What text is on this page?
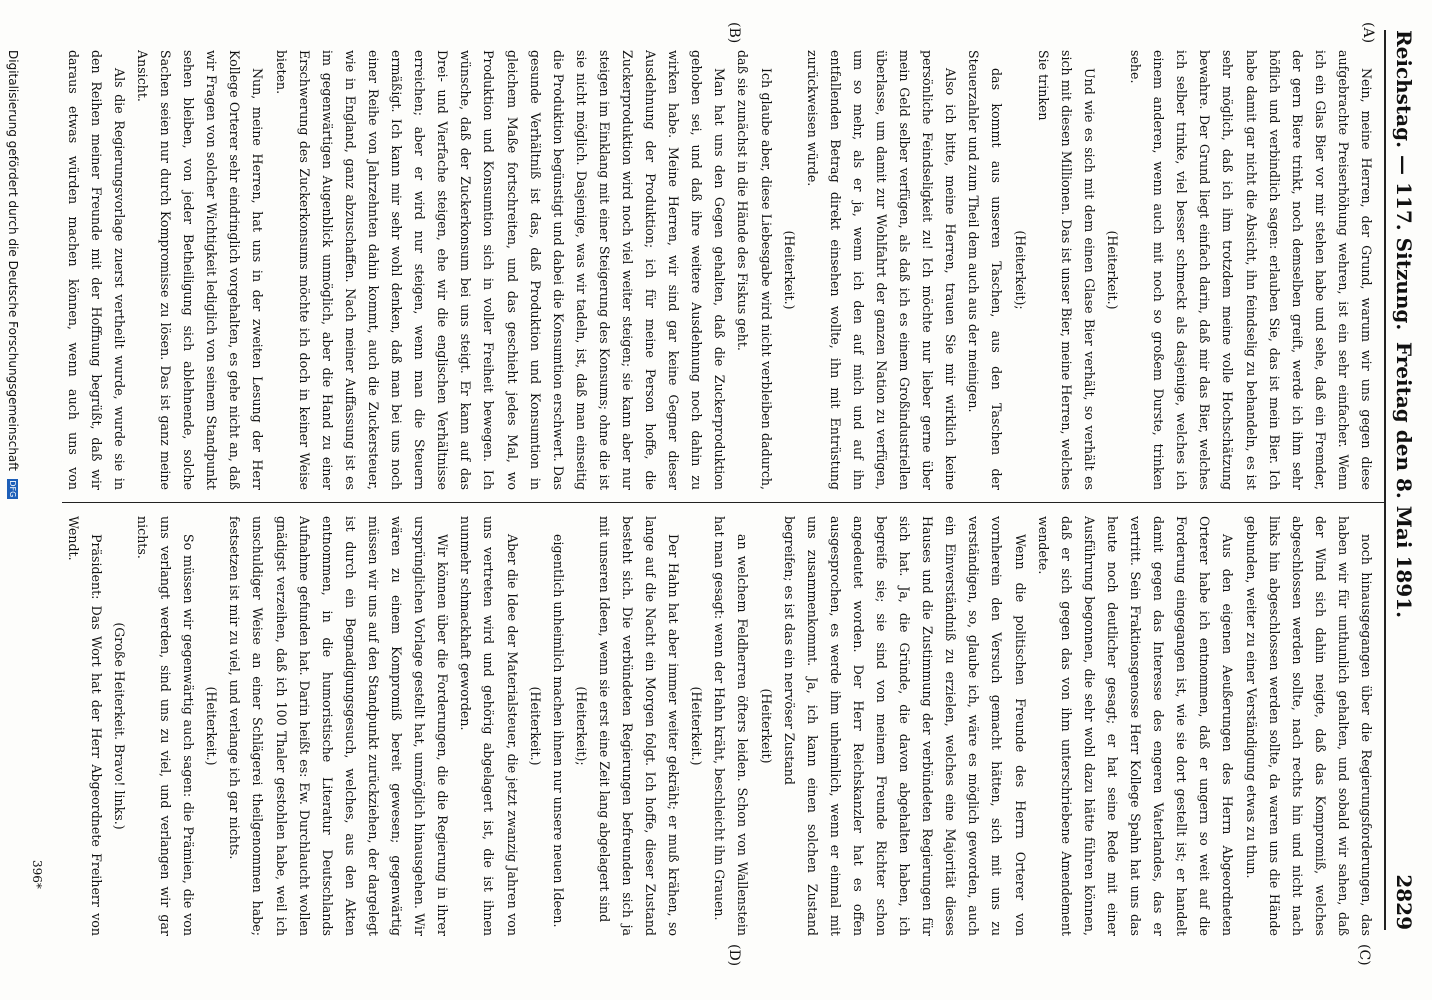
Reichstag. — 117. Sitzung.
Freitag den 8. Mai 1891.
2829
(A)
(B)
(C)
(D)

Nein, meine Herren, der Grund, warum wir uns gegen diese aufgebrachte Preiserhöhung wehren, ist ein sehr einfacher. Wenn ich ein Glas Bier vor mir stehen habe und sehe, daß ein Fremder, der gern Biere trinkt, noch demselben greift, werde ich ihm sehr höflich und verbindlich sagen: erlauben Sie, das ist mein Bier. Ich habe damit gar nicht die Absicht, ihn feindselig zu behandeln, es ist sehr möglich, daß ich ihm trotzdem meine volle Hochschätzung bewahre. Der Grund liegt einfach darin, daß mir das Bier, welches ich selber trinke, viel besser schmeckt als dasjenige, welches ich einem anderen, wenn auch mit noch so großem Durste, trinken sehe.

(Heiterkeit.)

Und wie es sich mit dem einen Glase Bier verhält, so verhält es sich mit diesen Millionen. Das ist unser Bier, meine Herren, welches Sie trinken

(Heiterkeit);

das kommt aus unseren Taschen, aus den Taschen der Steuerzahler und zum Theil dem auch aus der meinigen.

Also ich bitte, meine Herren, trauen Sie mir wirklich keine persönliche Feindseligkeit zu! Ich möchte nur lieber gerne über mein Geld selber verfügen, als daß ich es einem Großindustriellen überlasse, um damit zur Wohlfahrt der ganzen Nation zu verfügen, um so mehr, als er ja, wenn ich den auf mich und auf ihn entfallenden Betrag direkt einsehen wollte, ihn mit Entrüstung zurückweisen würde.

(Heiterkeit.)

Ich glaube aber, diese Liebesgabe wird nicht verbleiben dadurch, daß sie zunächst in die Hände des Fiskus geht.

Man hat uns den Gegen gehalten, daß die Zuckerproduktion gehoben sei, und daß ihre weitere Ausdehnung noch dahin zu wirken habe. Meine Herren, wir sind gar keine Gegner dieser Ausdehnung der Produktion; ich für meine Person hoffe, die Zuckerproduktion wird noch viel weiter steigen; sie kann aber nur steigen im Einklang mit einer Steigerung des Konsums; ohne die ist sie nicht möglich. Dasjenige, was wir tadeln, ist, daß man einseitig die Produktion begünstigt und dabei die Konsumtion erschwert. Das gesunde Verhältniß ist das, daß Produktion und Konsumtion in gleichem Maße fortschreiten, und das geschieht jedes Mal, wo Produktion und Konsumtion sich in voller Freiheit bewegen. Ich wünsche, daß der Zuckerkonsum bei uns steigt. Er kann auf das Drei- und Vierfache steigen, ehe wir die englischen Verhältnisse erreichen; aber er wird nur steigen, wenn man die Steuern ermäßigt. Ich kann mir sehr wohl denken, daß man bei uns noch einer Reihe von Jahrzehnten dahin kommt, auch die Zuckersteuer, wie in England, ganz abzuschaffen. Nach meiner Auffassung ist es im gegenwärtigen Augenblick unmöglich, aber die Hand zu einer Erschwerung des Zuckerkonsums möchte ich doch in keiner Weise bieten.

Nun, meine Herren, hat uns in der zweiten Lesung der Herr Kollege Orterer sehr eindringlich vorgehalten, es gehe nicht an, daß wir Fragen von solcher Wichtigkeit lediglich von seinem Standpunkt sehen bleiben, von jeder Betheiligung sich ablehnende, solche Sachen seien nur durch Kompromisse zu lösen. Das ist ganz meine Ansicht.

Als die Regierungsvorlage zuerst vertheilt wurde, wurde sie in den Reihen meiner Freunde mit der Hoffnung begrüßt, daß wir daraus etwas würden machen können, wenn auch uns von

noch hinausgegangen über die Regierungsforderungen, das haben wir für unthunlich gehalten, und sobald wir sahen, daß der Wind sich dahin neigte, daß das Kompromiß, welches abgeschlossen werden sollte, nach rechts hin und nicht nach links hin abgeschlossen werden sollte, da waren uns die Hände gebunden, weiter zu einer Verständigung etwas zu thun.

Aus den eigenen Aeußerungen des Herrn Abgeordneten Orterer habe ich entnommen, daß er ungern so weit auf die Forderung eingegangen ist, wie sie dort gestellt ist; er handelt damit gegen das Interesse des engeren Vaterlandes, das er vertritt. Sein Fraktionsgenosse Herr Kollege Spahn hat uns das heute noch deutlicher gesagt; er hat seine Rede mit einer Ausführung begonnen, die sehr wohl dazu hätte führen können, daß er sich gegen das von ihm unterschriebene Amendement wendete.

Wenn die politischen Freunde des Herrn Orterer von vornherein den Versuch gemacht hätten, sich mit uns zu verständigen, so, glaube ich, wäre es möglich geworden, auch ein Einverständniß zu erzielen, welches eine Majorität dieses Hauses und die Zustimmung der verbündeten Regierungen für sich hat. Ja, die Gründe, die davon abgehalten haben, ich begreife sie; sie sind von meinem Freunde Richter schon angedeutet worden. Der Herr Reichskanzler hat es offen ausgesprochen, es werde ihm unheimlich, wenn er einmal mit uns zusammenkommt. Ja, ich kann einen solchen Zustand begreifen; es ist das ein nervöser Zustand

(Heiterkeit)

an welchem Feldherren öfters leiden. Schon von Wallenstein hat man gesagt: wenn der Hahn kräht, beschleicht ihn Grauen.

(Heiterkeit.)

Der Hahn hat aber immer weiter gekräht; er muß krähen, so lange auf die Nacht ein Morgen folgt. Ich hoffe, dieser Zustand besteht sich. Die verbündeten Regierungen befreunden sich ja mit unseren Ideen, wenn sie erst eine Zeit lang abgelagert sind

(Heiterkeit);

eigentlich unheimlich machen ihnen nur unsere neuen Ideen.

(Heiterkeit.)

Aber die Idee der Materialsteuer, die jetzt zwanzig Jahren von uns vertreten wird und gehörig abgelagert ist, die ist ihnen nunmehr schmackhaft geworden.

Wir können über die Forderungen, die die Regierung in ihrer ursprünglichen Vorlage gestellt hat, unmöglich hinausgehen. Wir wären zu einem Kompromiß bereit gewesen; gegenwärtig müssen wir uns auf den Standpunkt zurückziehen, der dargelegt ist durch ein Begnadigungsgesuch, welches, aus den Akten entnommen, in die humoristische Literatur Deutschlands Aufnahme gefunden hat. Darin heißt es: Ew. Durchlaucht wollen gnädigst verzeihen, daß ich 100 Thaler gestohlen habe, weil ich unschuldiger Weise an einer Schlägerei theilgenommen habe; festsetzen ist mir zu viel, und verlange ich gar nichts.

(Heiterkeit.)

So müssen wir gegenwärtig auch sagen: die Prämien, die von uns verlangt werden, sind uns zu viel, und verlangen wir gar nichts.

(Große Heiterkeit. Bravo! links.)

Präsident: Das Wort hat der Herr Abgeordnete Freiherr von Wendt.

396*
Digitalisierung gefördert durch die Deutsche Forschungsgemeinschaft DFG
